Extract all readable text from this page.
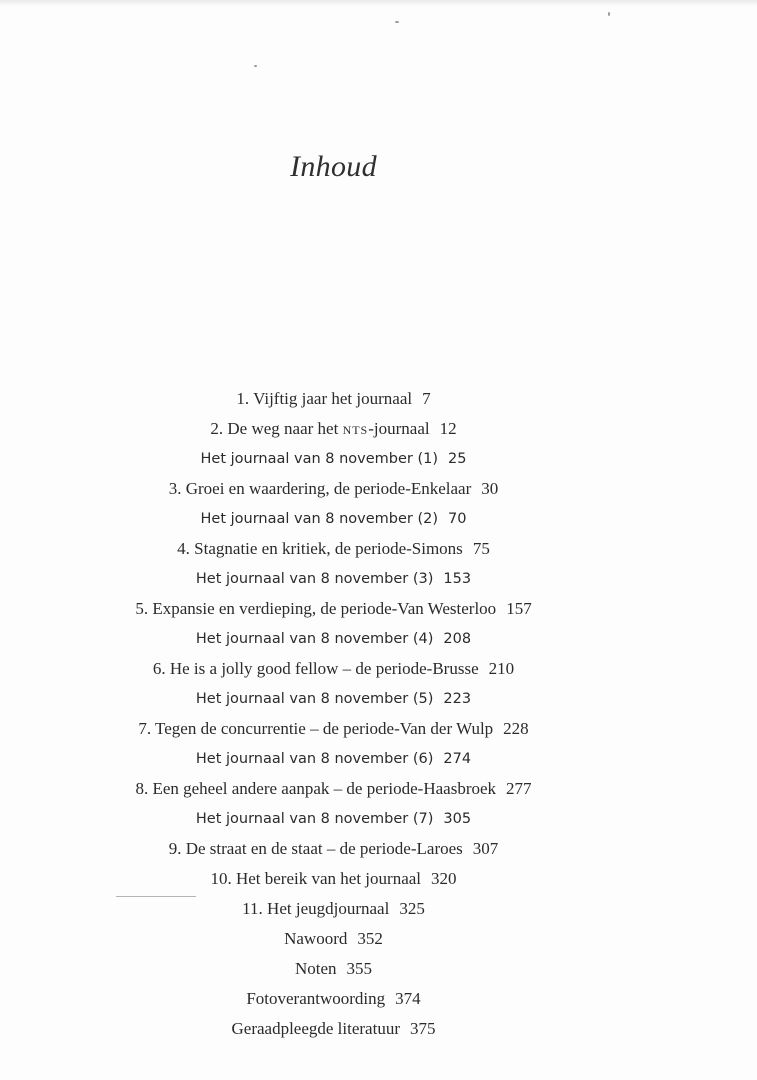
Inhoud
1. Vijftig jaar het journaal 7
2. De weg naar het nts-journaal 12
Het journaal van 8 november (1) 25
3. Groei en waardering, de periode-Enkelaar 30
Het journaal van 8 november (2) 70
4. Stagnatie en kritiek, de periode-Simons 75
Het journaal van 8 november (3) 153
5. Expansie en verdieping, de periode-Van Westerloo 157
Het journaal van 8 november (4) 208
6. He is a jolly good fellow – de periode-Brusse 210
Het journaal van 8 november (5) 223
7. Tegen de concurrentie – de periode-Van der Wulp 228
Het journaal van 8 november (6) 274
8. Een geheel andere aanpak – de periode-Haasbroek 277
Het journaal van 8 november (7) 305
9. De straat en de staat – de periode-Laroes 307
10. Het bereik van het journaal 320
11. Het jeugdjournaal 325
Nawoord 352
Noten 355
Fotoverantwoording 374
Geraadpleegde literatuur 375
